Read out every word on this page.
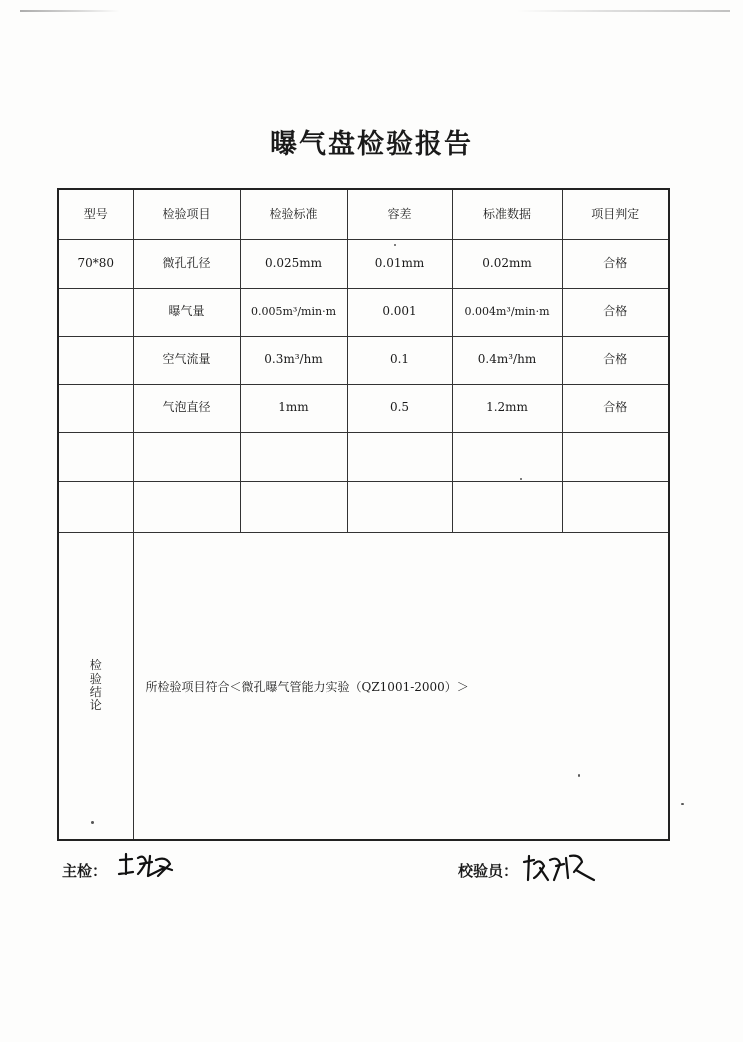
曝气盘检验报告
型号	检验项目	检验标准	容差	标准数据	项目判定
70*80	微孔孔径	0.025mm	0.01mm	0.02mm	合格
	曝气量	0.005m³/min·m	0.001	0.004m³/min·m	合格
	空气流量	0.3m³/hm	0.1	0.4m³/hm	合格
	气泡直径	1mm	0.5	1.2mm	合格

检
验
结
论	所检验项目符合＜微孔曝气管能力实验（QZ1001-2000）＞				

主检：	校验员：
